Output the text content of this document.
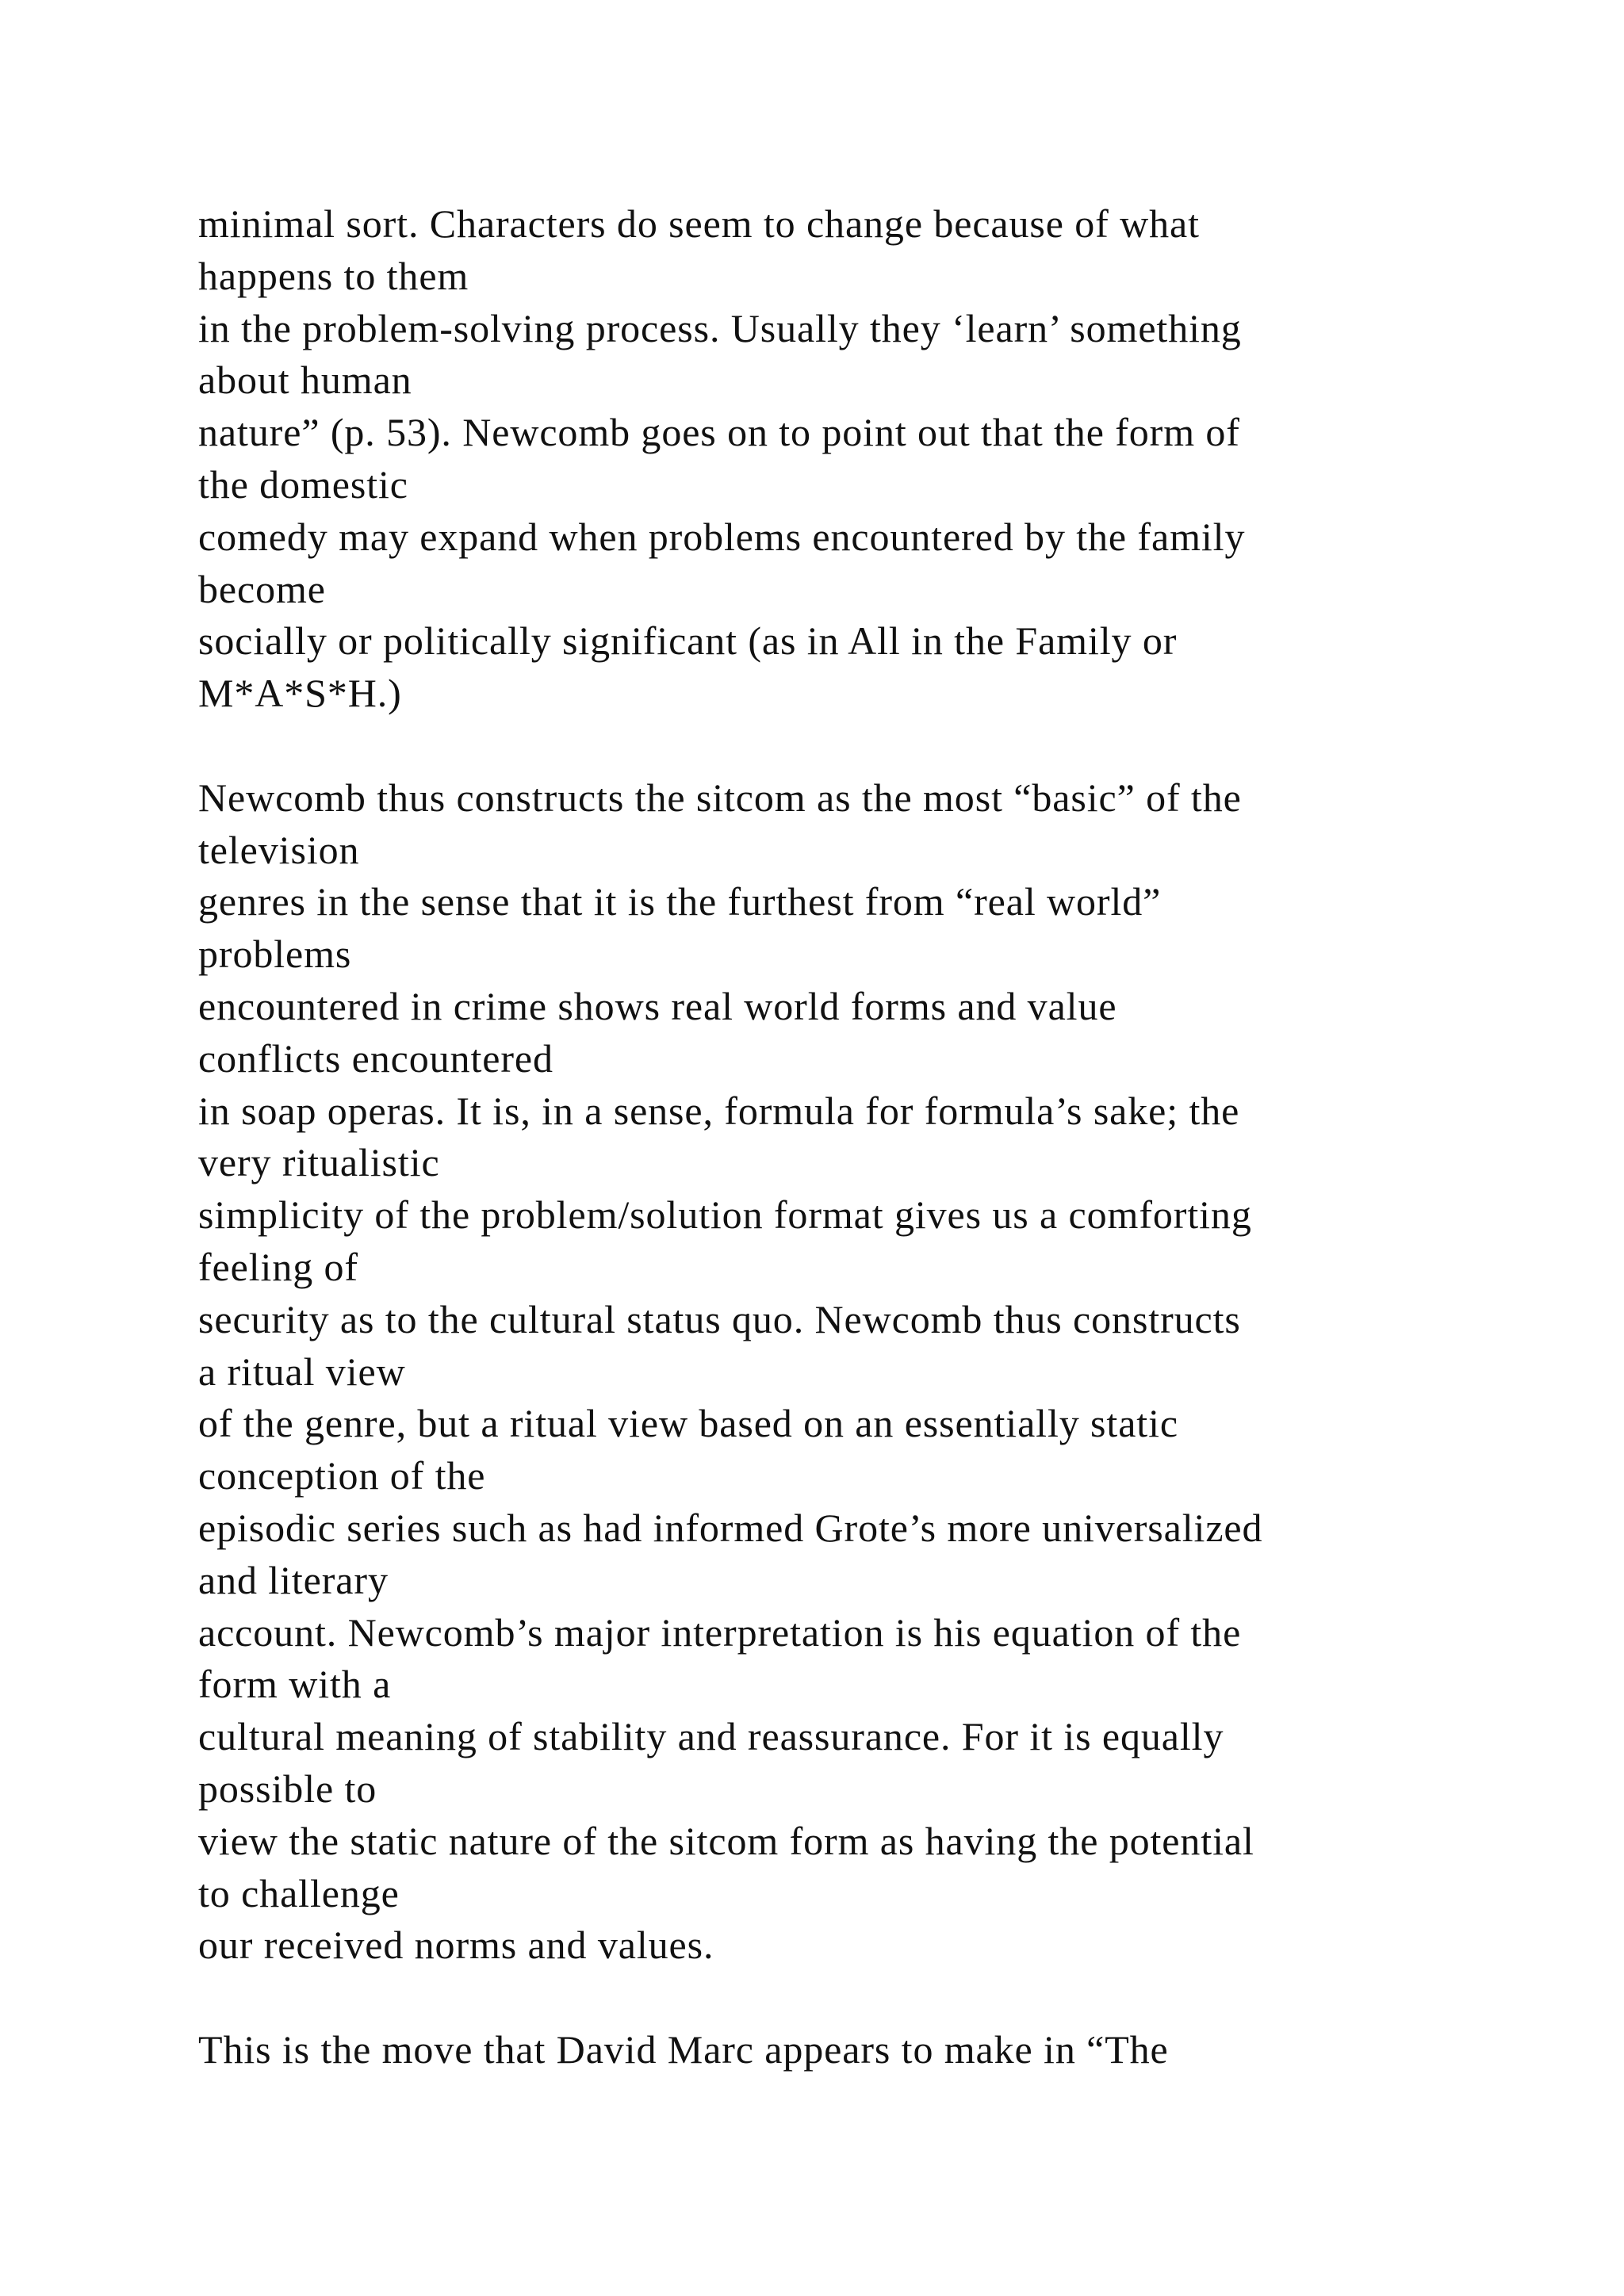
minimal sort. Characters do seem to change because of what
happens to them
in the problem-solving process. Usually they ‘learn’ something
about human
nature” (p. 53). Newcomb goes on to point out that the form of
the domestic
comedy may expand when problems encountered by the family
become
socially or politically significant (as in All in the Family or
M*A*S*H.)
Newcomb thus constructs the sitcom as the most “basic” of the
television
genres in the sense that it is the furthest from “real world”
problems
encountered in crime shows real world forms and value
conflicts encountered
in soap operas. It is, in a sense, formula for formula’s sake; the
very ritualistic
simplicity of the problem/solution format gives us a comforting
feeling of
security as to the cultural status quo. Newcomb thus constructs
a ritual view
of the genre, but a ritual view based on an essentially static
conception of the
episodic series such as had informed Grote’s more universalized
and literary
account. Newcomb’s major interpretation is his equation of the
form with a
cultural meaning of stability and reassurance. For it is equally
possible to
view the static nature of the sitcom form as having the potential
to challenge
our received norms and values.
This is the move that David Marc appears to make in “The
